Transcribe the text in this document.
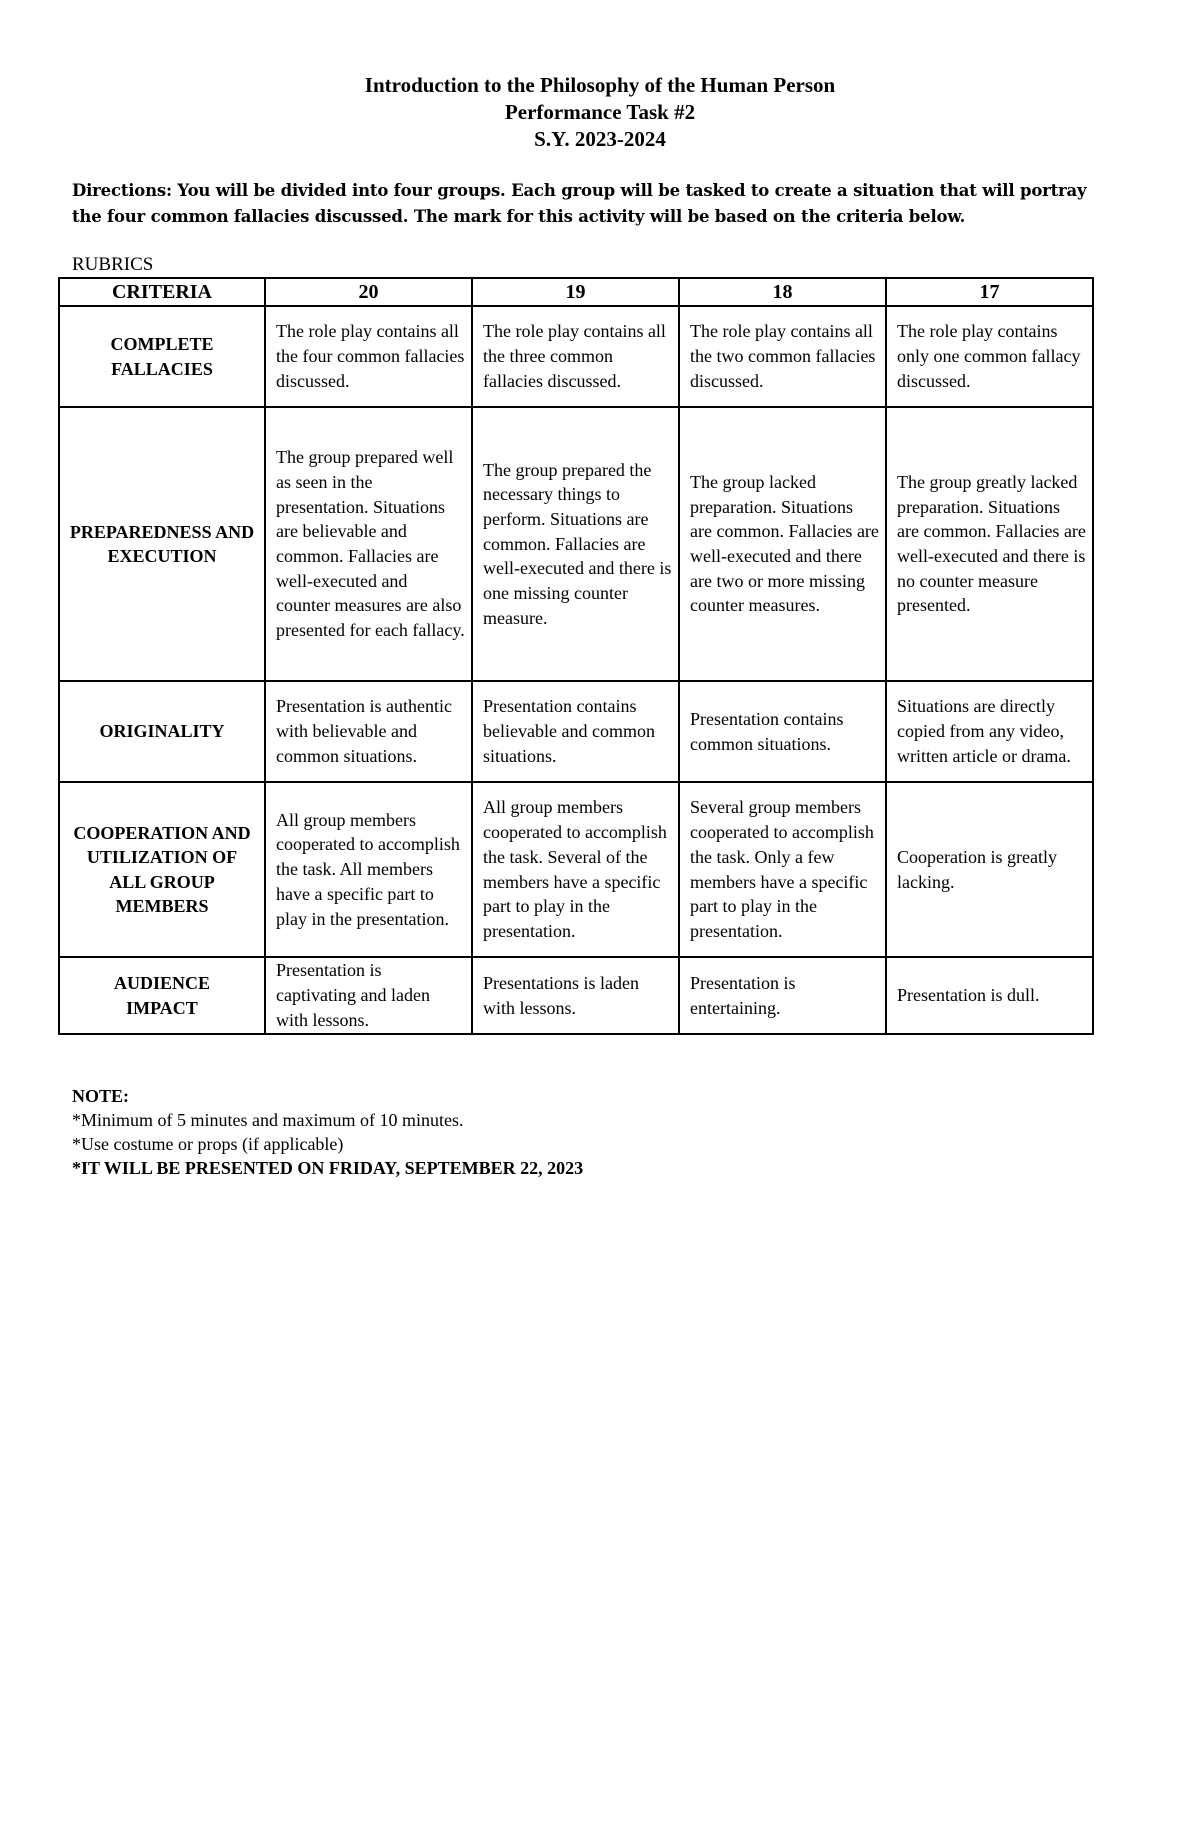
Introduction to the Philosophy of the Human Person
Performance Task #2
S.Y. 2023-2024
Directions: You will be divided into four groups. Each group will be tasked to create a situation that will portray the four common fallacies discussed. The mark for this activity will be based on the criteria below.
RUBRICS
CRITERIA	20	19	18	17
COMPLETE FALLACIES	The role play contains all the four common fallacies discussed.	The role play contains all the three common fallacies discussed.	The role play contains all the two common fallacies discussed.	The role play contains only one common fallacy discussed.
PREPAREDNESS AND EXECUTION	The group prepared well as seen in the presentation. Situations are believable and common. Fallacies are well-executed and counter measures are also presented for each fallacy.	The group prepared the necessary things to perform. Situations are common. Fallacies are well-executed and there is one missing counter measure.	The group lacked preparation. Situations are common. Fallacies are well-executed and there are two or more missing counter measures.	The group greatly lacked preparation. Situations are common. Fallacies are well-executed and there is no counter measure presented.
ORIGINALITY	Presentation is authentic with believable and common situations.	Presentation contains believable and common situations.	Presentation contains common situations.	Situations are directly copied from any video, written article or drama.
COOPERATION AND UTILIZATION OF ALL GROUP MEMBERS	All group members cooperated to accomplish the task. All members have a specific part to play in the presentation.	All group members cooperated to accomplish the task. Several of the members have a specific part to play in the presentation.	Several group members cooperated to accomplish the task. Only a few members have a specific part to play in the presentation.	Cooperation is greatly lacking.
AUDIENCE IMPACT	Presentation is captivating and laden with lessons.	Presentations is laden with lessons.	Presentation is entertaining.	Presentation is dull.
NOTE:
*Minimum of 5 minutes and maximum of 10 minutes.
*Use costume or props (if applicable)
*IT WILL BE PRESENTED ON FRIDAY, SEPTEMBER 22, 2023
